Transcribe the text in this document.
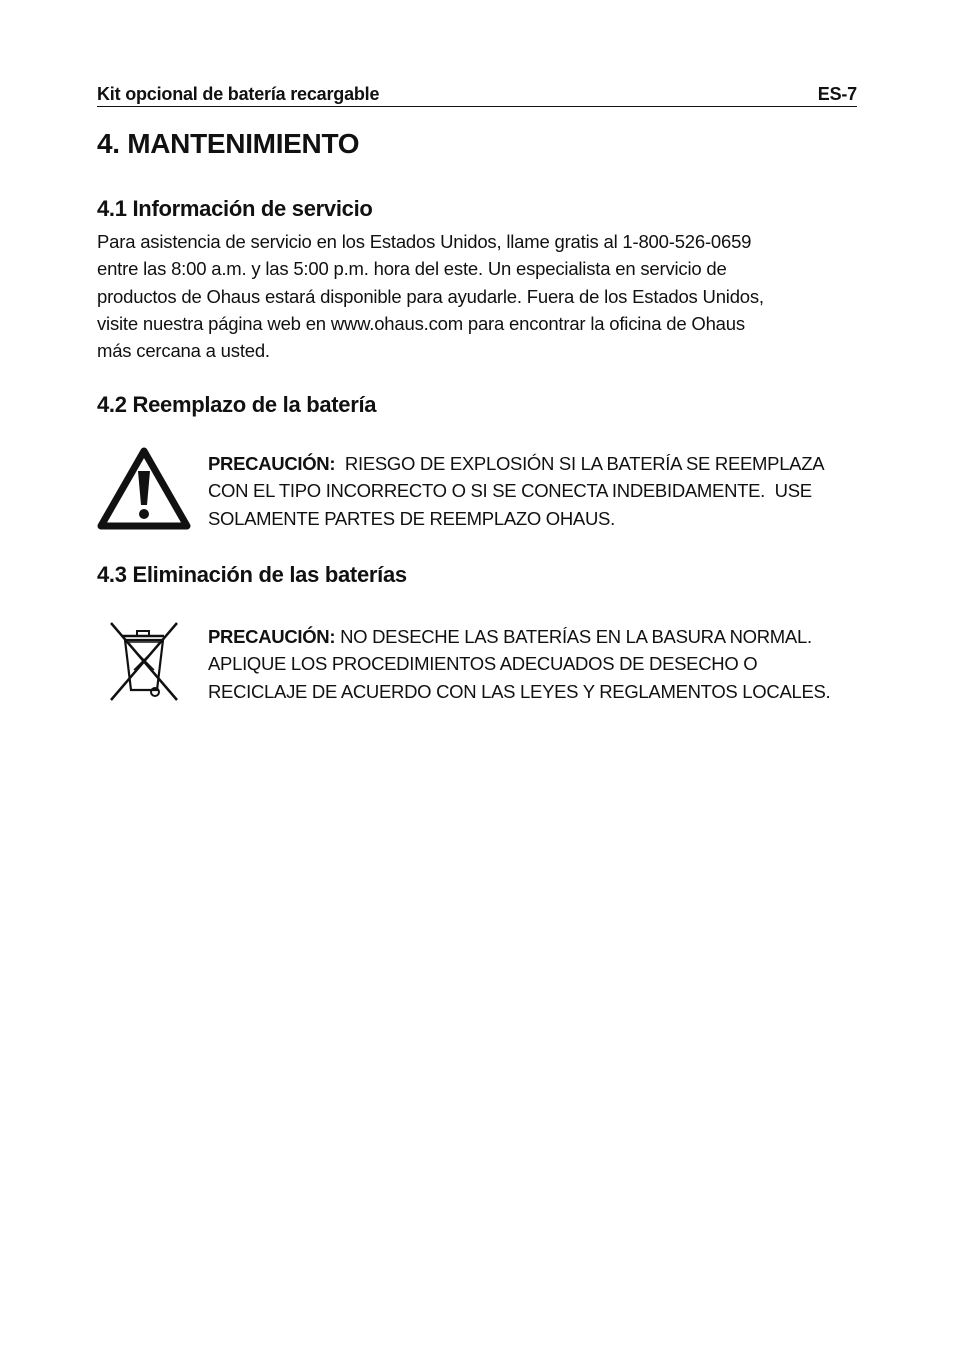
Kit opcional de batería recargable	ES-7
4. MANTENIMIENTO
4.1 Información de servicio

Para asistencia de servicio en los Estados Unidos, llame gratis al 1-800-526-0659
entre las 8:00 a.m. y las 5:00 p.m. hora del este. Un especialista en servicio de
productos de Ohaus estará disponible para ayudarle. Fuera de los Estados Unidos,
visite nuestra página web en www.ohaus.com para encontrar la oficina de Ohaus
más cercana a usted.

4.2 Reemplazo de la batería

PRECAUCIÓN:  RIESGO DE EXPLOSIÓN SI LA BATERÍA SE REEMPLAZA
CON EL TIPO INCORRECTO O SI SE CONECTA INDEBIDAMENTE.  USE
SOLAMENTE PARTES DE REEMPLAZO OHAUS.

4.3 Eliminación de las baterías

PRECAUCIÓN: NO DESECHE LAS BATERÍAS EN LA BASURA NORMAL.
APLIQUE LOS PROCEDIMIENTOS ADECUADOS DE DESECHO O
RECICLAJE DE ACUERDO CON LAS LEYES Y REGLAMENTOS LOCALES.
